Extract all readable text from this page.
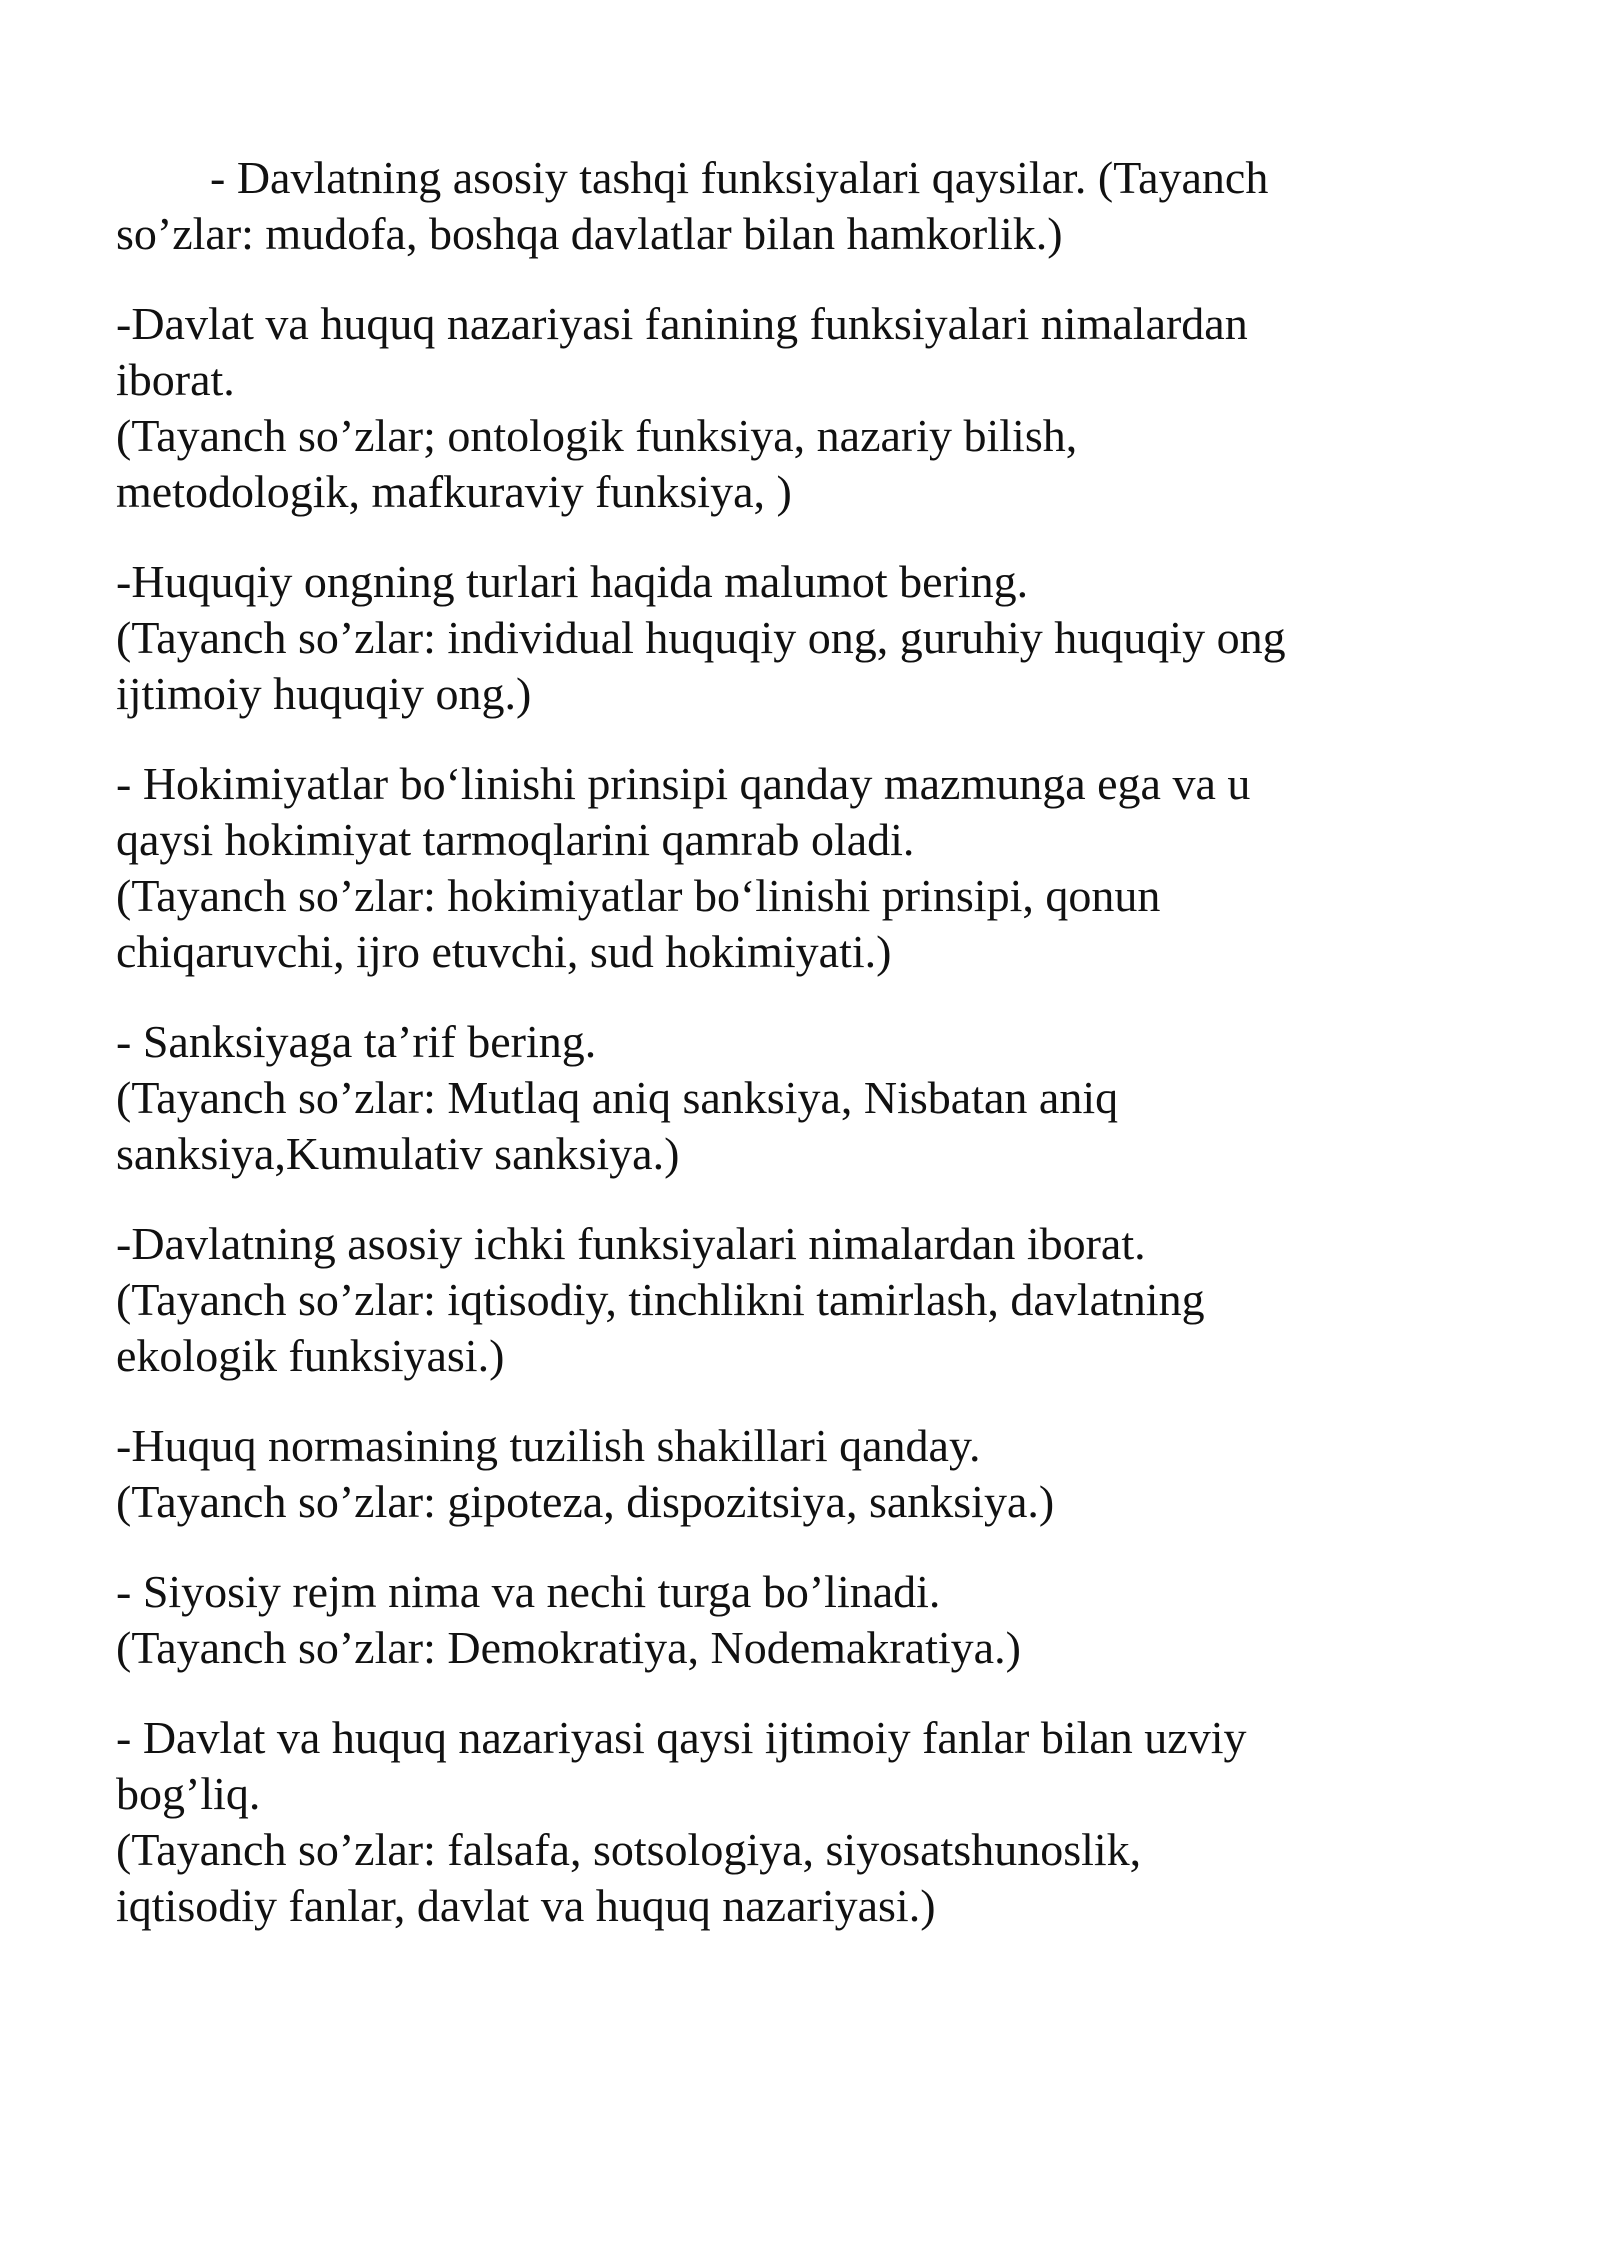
- Davlatning asosiy tashqi funksiyalari qaysilar. (Tayanch
so’zlar: mudofa, boshqa davlatlar bilan hamkorlik.)
-Davlat va huquq nazariyasi fanining funksiyalari nimalardan
iborat.
(Tayanch so’zlar; ontologik funksiya, nazariy bilish,
metodologik, mafkuraviy funksiya, )
-Huquqiy ongning turlari haqida malumot bering.
(Tayanch so’zlar: individual huquqiy ong, guruhiy huquqiy ong
ijtimoiy huquqiy ong.)
- Hokimiyatlar bo‘linishi prinsipi qanday mazmunga ega va u
qaysi hokimiyat tarmoqlarini qamrab oladi.
(Tayanch so’zlar: hokimiyatlar bo‘linishi prinsipi, qonun
chiqaruvchi, ijro etuvchi, sud hokimiyati.)
- Sanksiyaga ta’rif bering.
(Tayanch so’zlar: Mutlaq aniq sanksiya, Nisbatan aniq
sanksiya,Kumulativ sanksiya.)
-Davlatning asosiy ichki funksiyalari nimalardan iborat.
(Tayanch so’zlar: iqtisodiy, tinchlikni tamirlash, davlatning
ekologik funksiyasi.)
-Huquq normasining tuzilish shakillari qanday.
(Tayanch so’zlar: gipoteza, dispozitsiya, sanksiya.)
- Siyosiy rejm nima va nechi turga bo’linadi.
(Tayanch so’zlar: Demokratiya, Nodemakratiya.)
- Davlat va huquq nazariyasi qaysi ijtimoiy fanlar bilan uzviy
bog’liq.
(Tayanch so’zlar: falsafa, sotsologiya, siyosatshunoslik,
iqtisodiy fanlar, davlat va huquq nazariyasi.)
